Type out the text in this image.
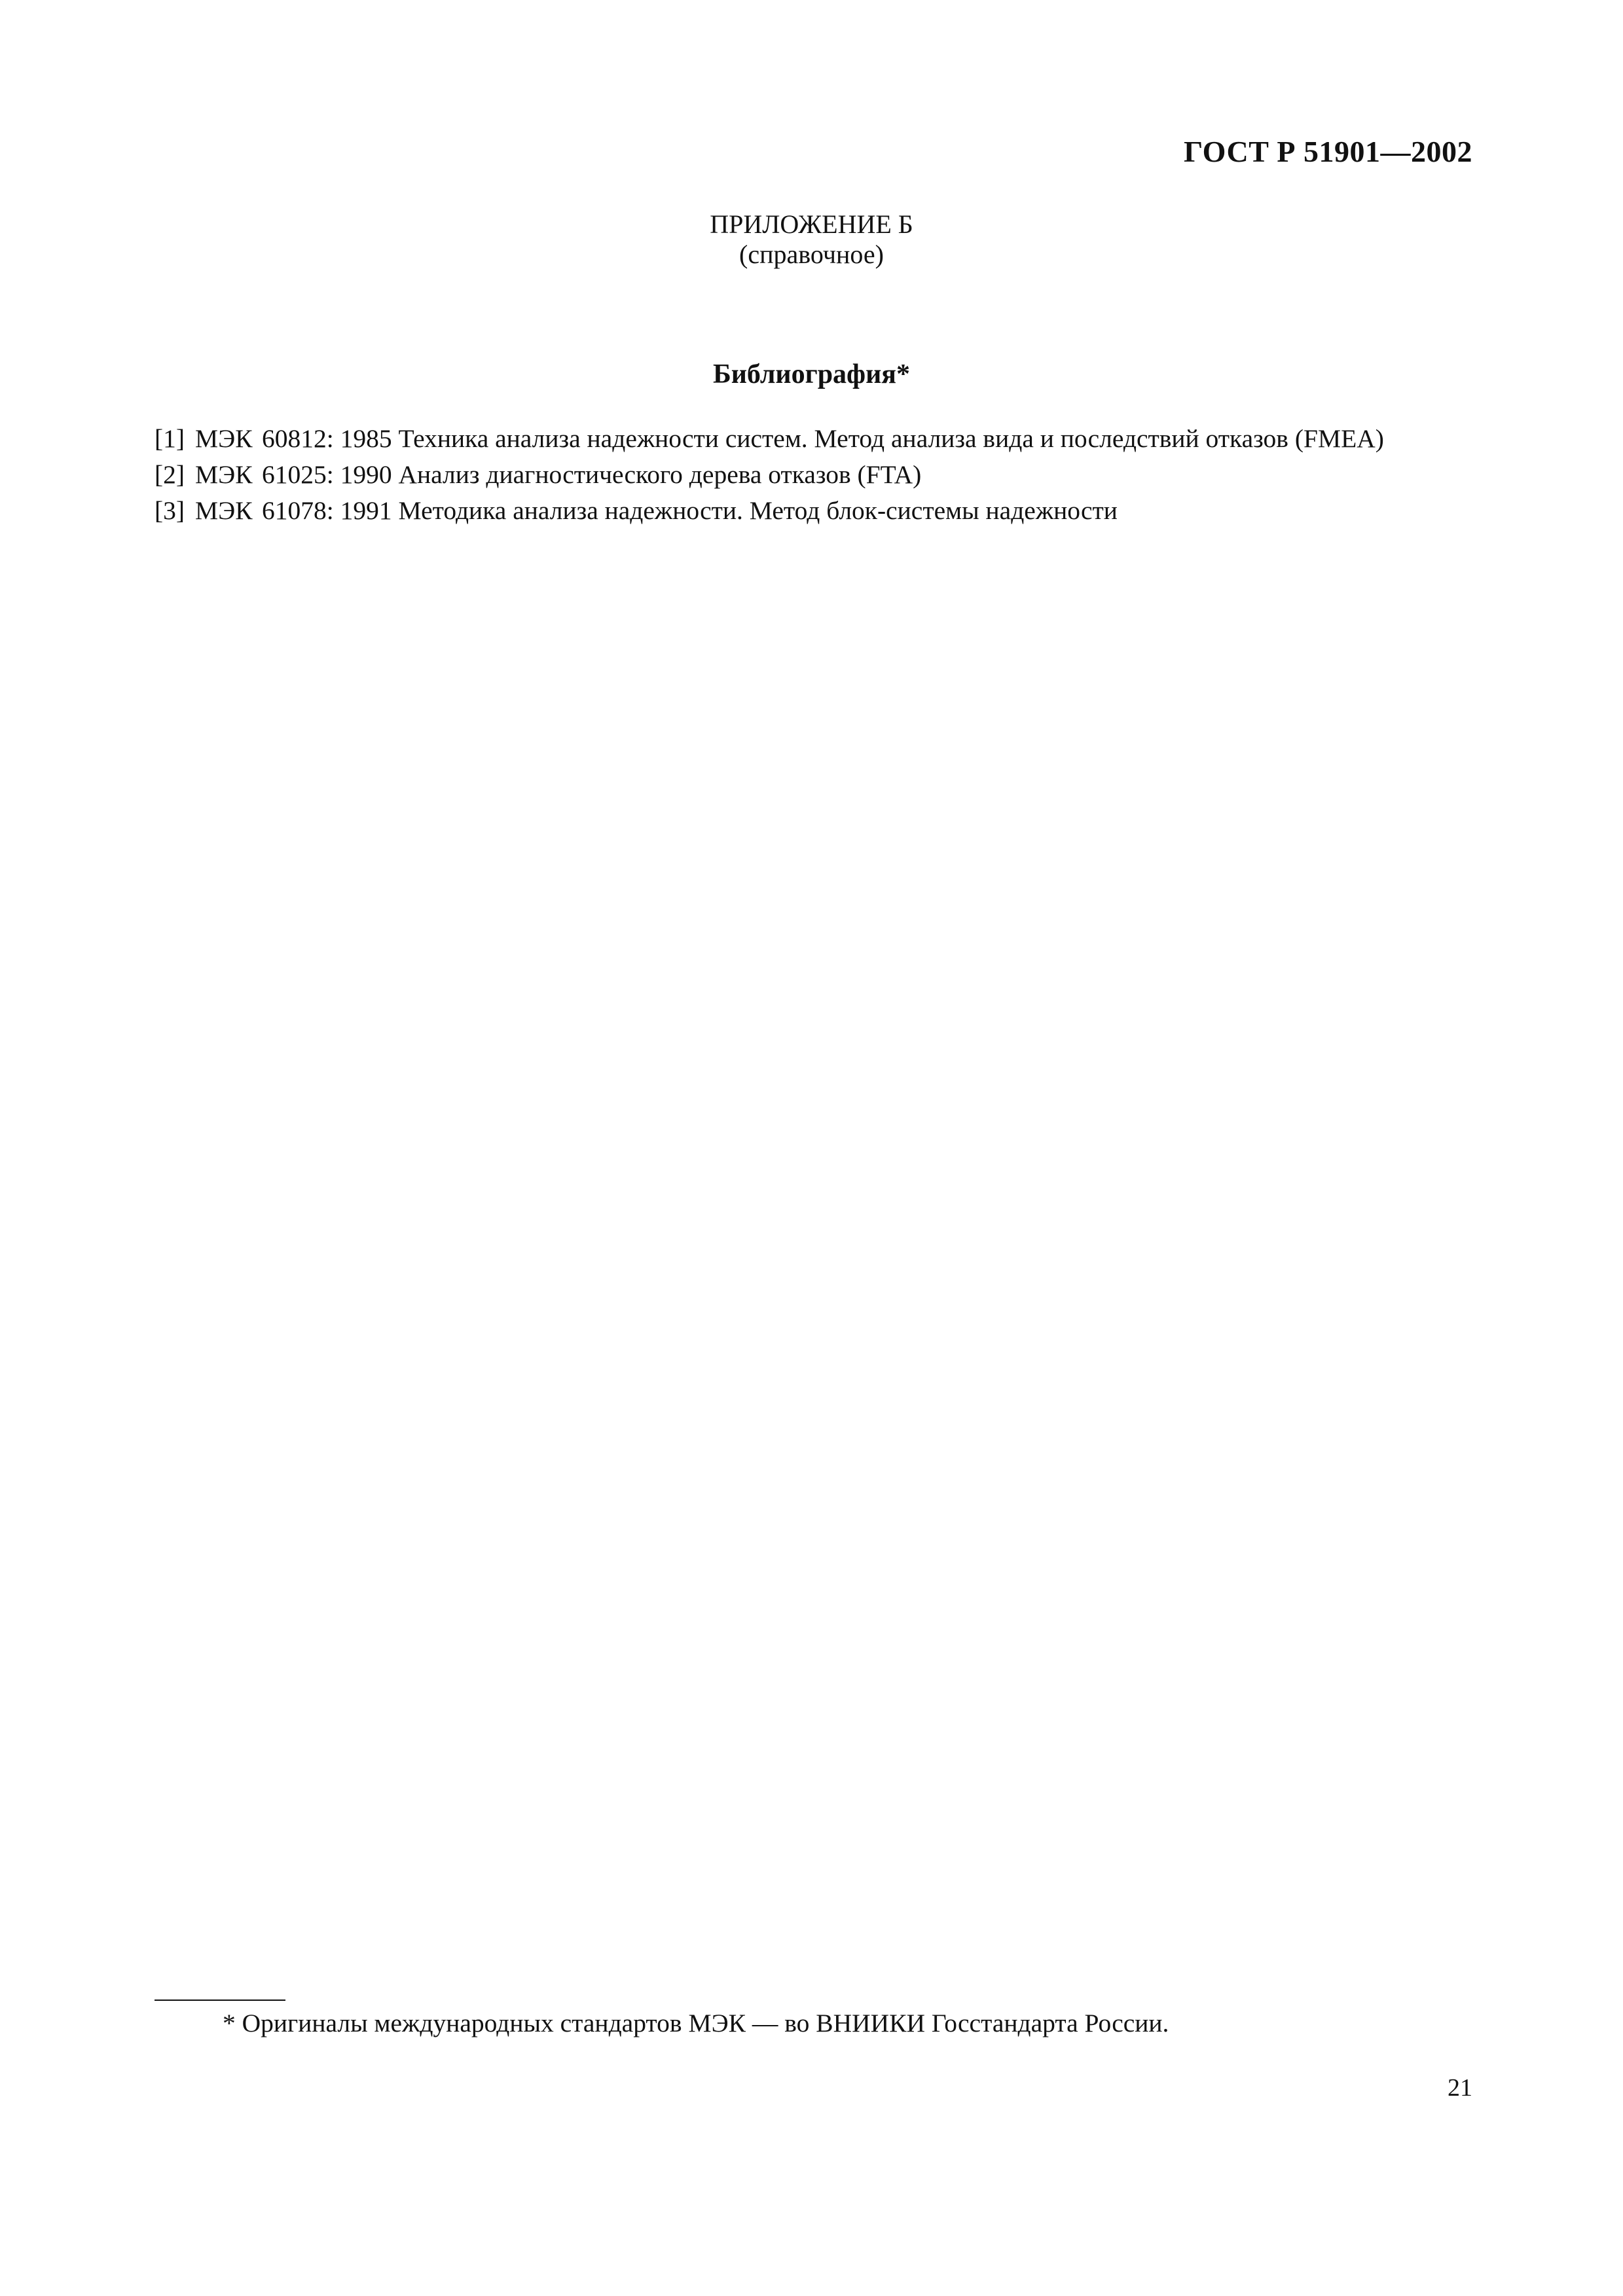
ГОСТ Р 51901—2002
ПРИЛОЖЕНИЕ Б
(справочное)
Библиография*
[1] МЭК 60812: 1985 Техника анализа надежности систем. Метод анализа вида и последствий отказов (FMEA)
[2] МЭК 61025: 1990 Анализ диагностического дерева отказов (FTA)
[3] МЭК 61078: 1991 Методика анализа надежности. Метод блок-системы надежности
* Оригиналы международных стандартов МЭК — во ВНИИКИ Госстандарта России.
21
